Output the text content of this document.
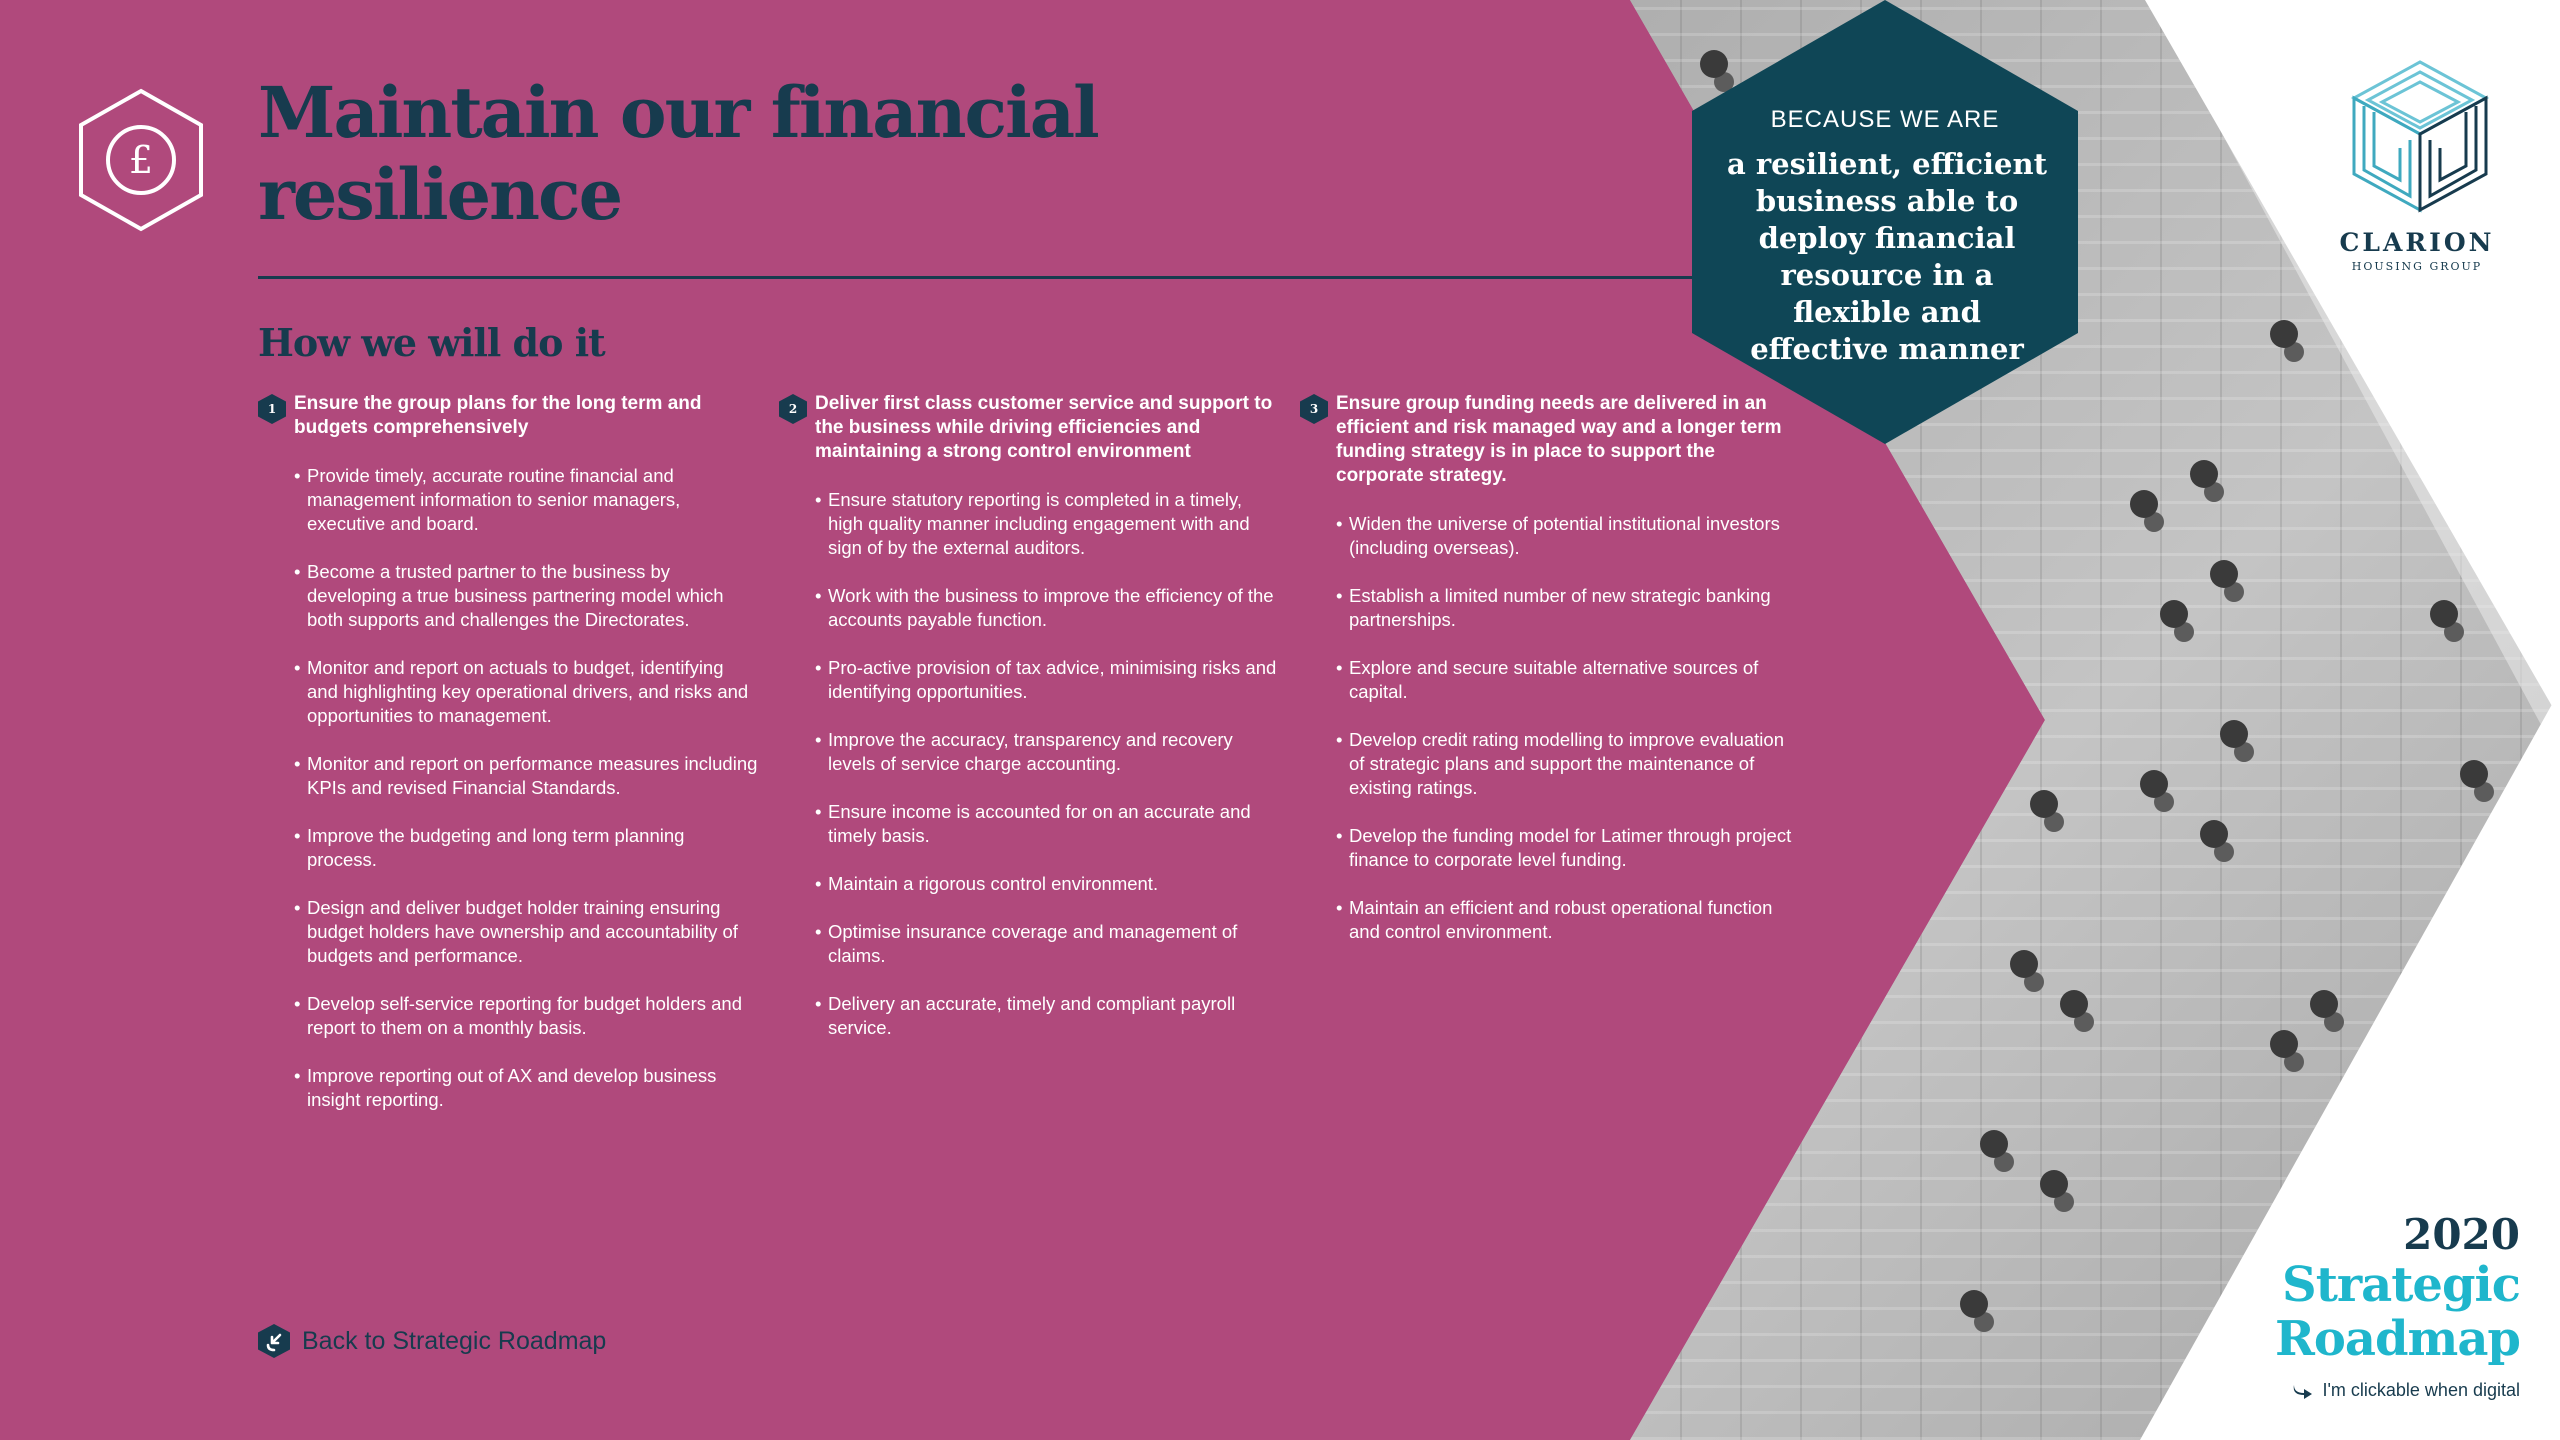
£
Maintain our financial resilience
How we will do it
1 Ensure the group plans for the long term and budgets comprehensively
• Provide timely, accurate routine financial and management information to senior managers, executive and board.
• Become a trusted partner to the business by developing a true business partnering model which both supports and challenges the Directorates.
• Monitor and report on actuals to budget, identifying and highlighting key operational drivers, and risks and opportunities to management.
• Monitor and report on performance measures including KPIs and revised Financial Standards.
• Improve the budgeting and long term planning process.
• Design and deliver budget holder training ensuring budget holders have ownership and accountability of budgets and performance.
• Develop self-service reporting for budget holders and report to them on a monthly basis.
• Improve reporting out of AX and develop business insight reporting.
2 Deliver first class customer service and support to the business while driving efficiencies and maintaining a strong control environment
• Ensure statutory reporting is completed in a timely, high quality manner including engagement with and sign of by the external auditors.
• Work with the business to improve the efficiency of the accounts payable function.
• Pro-active provision of tax advice, minimising risks and identifying opportunities.
• Improve the accuracy, transparency and recovery levels of service charge accounting.
• Ensure income is accounted for on an accurate and timely basis.
• Maintain a rigorous control environment.
• Optimise insurance coverage and management of claims.
• Delivery an accurate, timely and compliant payroll service.
3 Ensure group funding needs are delivered in an efficient and risk managed way and a longer term funding strategy is in place to support the corporate strategy.
• Widen the universe of potential institutional investors (including overseas).
• Establish a limited number of new strategic banking partnerships.
• Explore and secure suitable alternative sources of capital.
• Develop credit rating modelling to improve evaluation of strategic plans and support the maintenance of existing ratings.
• Develop the funding model for Latimer through project finance to corporate level funding.
• Maintain an efficient and robust operational function and control environment.
Back to Strategic Roadmap
BECAUSE WE ARE
a resilient, efficient business able to deploy financial resource in a flexible and effective manner
CLARION
HOUSING GROUP
2020
Strategic Roadmap
I'm clickable when digital
